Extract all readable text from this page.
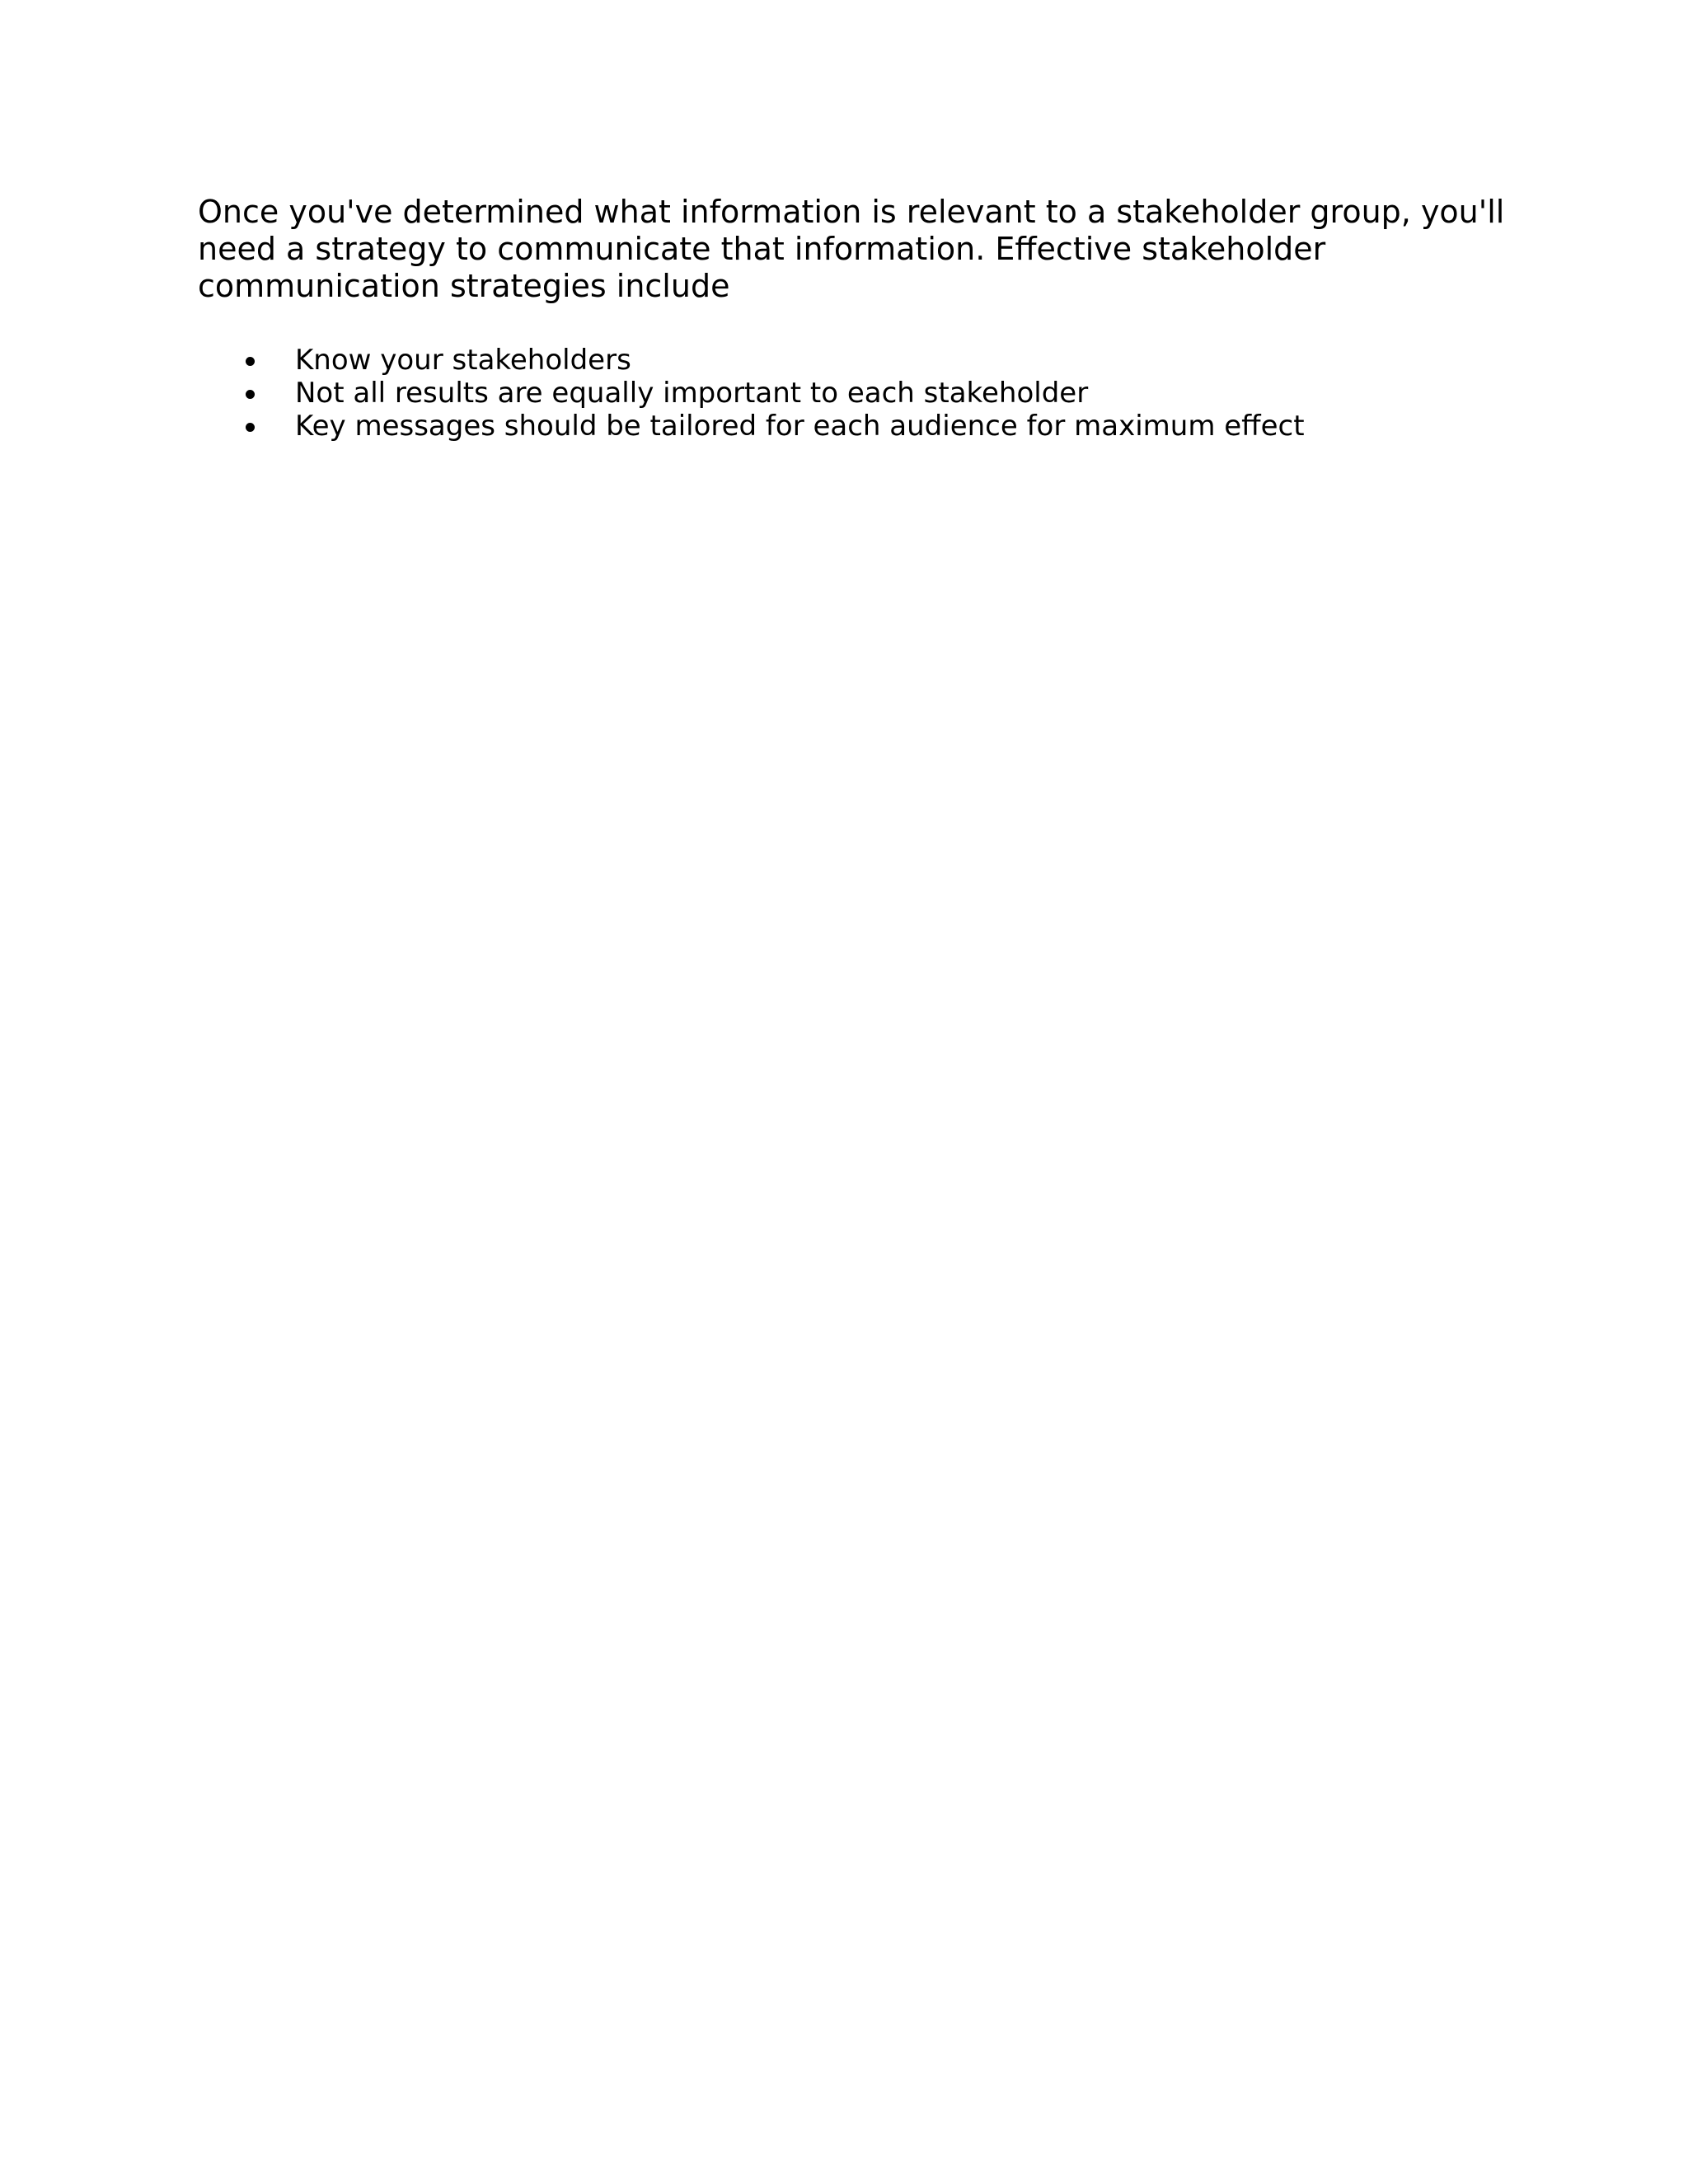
Once you've determined what information is relevant to a stakeholder group, you'll need a strategy to communicate that information. Effective stakeholder communication strategies include

Know your stakeholders
Not all results are equally important to each stakeholder
Key messages should be tailored for each audience for maximum effect
